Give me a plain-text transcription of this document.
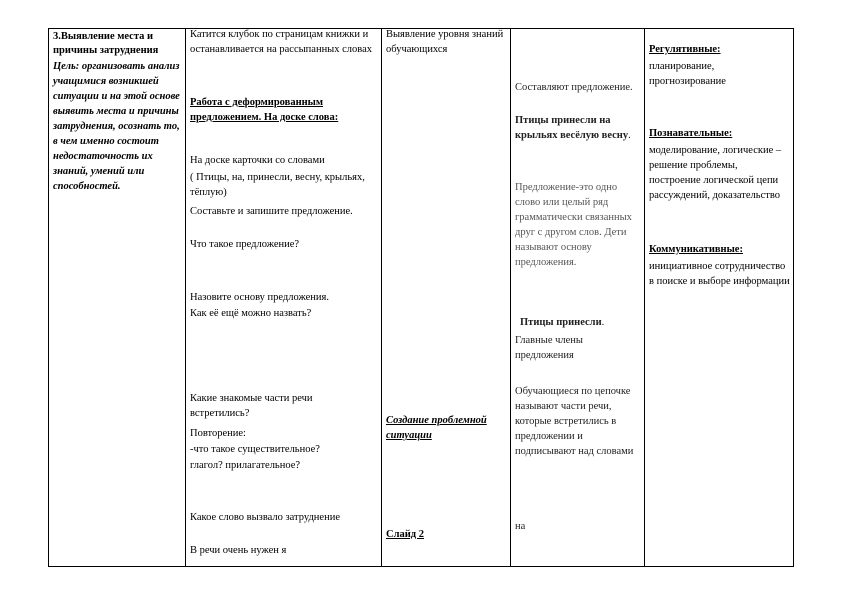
3.Выявление места и причины затруднения
Цель: организовать анализ учащимися возникшей ситуации и на этой основе выявить места и причины затруднения, осознать то, в чем именно состоит недостаточность их знаний, умений или способностей.

Катится клубок по страницам книжки и останавливается на рассыпанных словах
Работа с деформированным предложением. На доске слова:
На доске карточки со словами
( Птицы, на, принесли, весну, крыльях, тёплую)
Составьте и запишите предложение.
Что такое предложение?
Назовите основу предложения.
Как её ещё можно назвать?
Какие знакомые части речи встретились?
Повторение:
-что такое существительное?
глагол? прилагательное?
Какое слово вызвало затруднение
В речи очень нужен я

Выявление уровня знаний обучающихся
Создание проблемной ситуации
Слайд 2

Составляют предложение.
Птицы принесли на крыльях весёлую весну.
Предложение-это одно слово или целый ряд грамматически связанных друг с другом слов. Дети называют основу предложения.
Птицы принесли.
Главные члены предложения
Обучающиеся по цепочке называют части речи, которые встретились в предложении и подписывают над словами
на

Регулятивные:
планирование, прогнозирование
Познавательные:
моделирование, логические – решение проблемы, построение логической цепи рассуждений, доказательство
Коммуникативные:
инициативное сотрудничество в поиске и выборе информации
